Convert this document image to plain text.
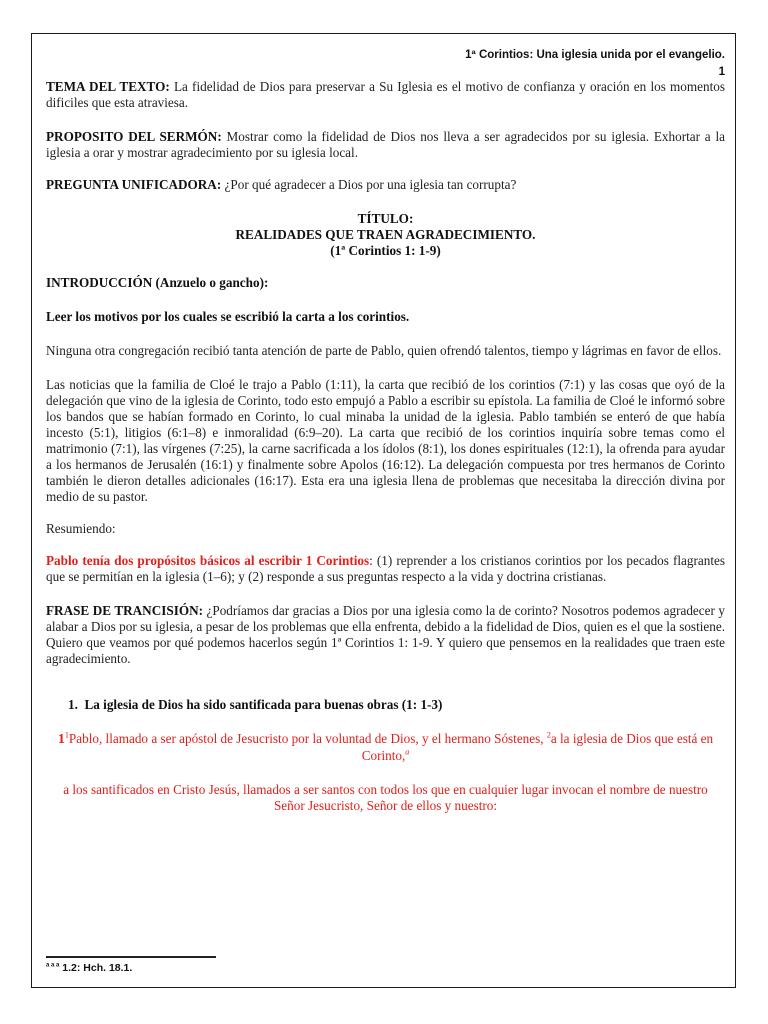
1ª Corintios: Una iglesia unida por el evangelio.
1

TEMA DEL TEXTO: La fidelidad de Dios para preservar a Su Iglesia es el motivo de confianza y oración en los momentos dificiles que esta atraviesa.

PROPOSITO DEL SERMÓN: Mostrar como la fidelidad de Dios nos lleva a ser agradecidos por su iglesia. Exhortar a la iglesia a orar y mostrar agradecimiento por su iglesia local.

PREGUNTA UNIFICADORA: ¿Por qué agradecer a Dios por una iglesia tan corrupta?

TÍTULO:
REALIDADES QUE TRAEN AGRADECIMIENTO.
(1ª Corintios 1: 1-9)

INTRODUCCIÓN (Anzuelo o gancho):

Leer los motivos por los cuales se escribió la carta a los corintios.

Ninguna otra congregación recibió tanta atención de parte de Pablo, quien ofrendó talentos, tiempo y lágrimas en favor de ellos.

Las noticias que la familia de Cloé le trajo a Pablo (1:11), la carta que recibió de los corintios (7:1) y las cosas que oyó de la delegación que vino de la iglesia de Corinto, todo esto empujó a Pablo a escribir su epístola. La familia de Cloé le informó sobre los bandos que se habían formado en Corinto, lo cual minaba la unidad de la iglesia. Pablo también se enteró de que había incesto (5:1), litigios (6:1–8) e inmoralidad (6:9–20). La carta que recibió de los corintios inquiría sobre temas como el matrimonio (7:1), las vírgenes (7:25), la carne sacrificada a los ídolos (8:1), los dones espirituales (12:1), la ofrenda para ayudar a los hermanos de Jerusalén (16:1) y finalmente sobre Apolos (16:12). La delegación compuesta por tres hermanos de Corinto también le dieron detalles adicionales (16:17). Esta era una iglesia llena de problemas que necesitaba la dirección divina por medio de su pastor.

Resumiendo:

Pablo tenía dos propósitos básicos al escribir 1 Corintios: (1) reprender a los cristianos corintios por los pecados flagrantes que se permitían en la iglesia (1–6); y (2) responde a sus preguntas respecto a la vida y doctrina cristianas.

FRASE DE TRANCISIÓN: ¿Podríamos dar gracias a Dios por una iglesia como la de corinto? Nosotros podemos agradecer y alabar a Dios por su iglesia, a pesar de los problemas que ella enfrenta, debido a la fidelidad de Dios, quien es el que la sostiene. Quiero que veamos por qué podemos hacerlos según 1ª Corintios 1: 1-9. Y quiero que pensemos en la realidades que traen este agradecimiento.

1. La iglesia de Dios ha sido santificada para buenas obras (1: 1-3)

$1^1Pablo$, llamado a ser apóstol de Jesucristo por la voluntad de Dios, y el hermano Sóstenes, $^2$a la iglesia de Dios que está en Corinto,$^a$

a los santificados en Cristo Jesús, llamados a ser santos con todos los que en cualquier lugar invocan el nombre de nuestro Señor Jesucristo, Señor de ellos y nuestro:

$^{a a a}$ 1.2: Hch. 18.1.
